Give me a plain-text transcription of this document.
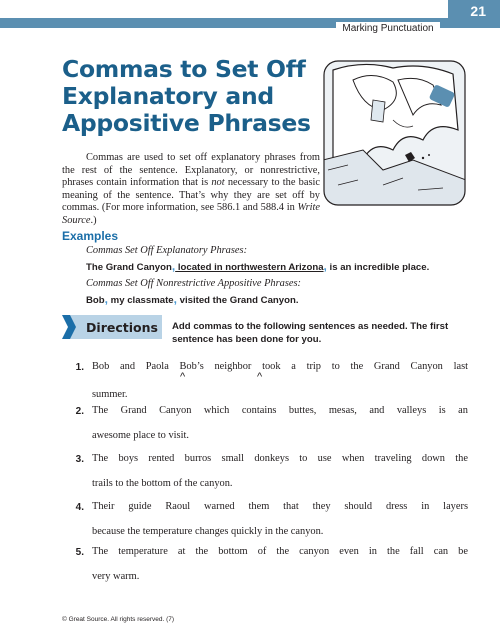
21
Marking Punctuation
Commas to Set Off
Explanatory and
Appositive Phrases

Commas are used to set off explanatory phrases from the rest of the sentence. Explanatory, or nonrestrictive, phrases contain information that is not necessary to the basic meaning of the sentence. That’s why they are set off by commas. (For more information, see 586.1 and 588.4 in Write Source.)

Examples
Commas Set Off Explanatory Phrases:
The Grand Canyon, located in northwestern Arizona, is an incredible place.
Commas Set Off Nonrestrictive Appositive Phrases:
Bob, my classmate, visited the Grand Canyon.
Directions Add commas to the following sentences as needed. The first sentence has been done for you.
1. Bob and Paola Bob’s neighbor took a trip to the Grand Canyon last
summer.
^	^
2. The Grand Canyon which contains buttes, mesas, and valleys is an
awesome place to visit.
3. The boys rented burros small donkeys to use when traveling down the
trails to the bottom of the canyon.
4. Their guide Raoul warned them that they should dress in layers
because the temperature changes quickly in the canyon.
5. The temperature at the bottom of the canyon even in the fall can be
very warm.
© Great Source. All rights reserved. (7)
